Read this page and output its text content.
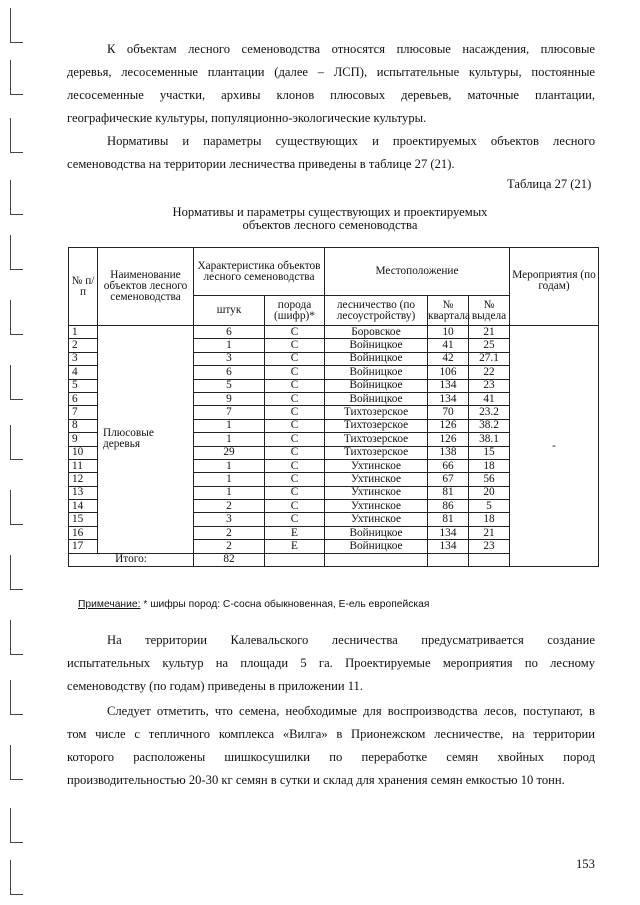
К объектам лесного семеноводства относятся плюсовые насаждения, плюсовые
деревья, лесосеменные плантации (далее – ЛСП), испытательные культуры, постоянные
лесосеменные участки, архивы клонов плюсовых деревьев, маточные плантации,
географические культуры, популяционно-экологические культуры.
Нормативы и параметры существующих и проектируемых объектов лесного
семеноводства на территории лесничества приведены в таблице 27 (21).
Таблица 27 (21)
Нормативы и параметры существующих и проектируемых
объектов лесного семеноводства
№ п/п	Наименование объектов лесного семеноводства	Характеристика объектов лесного семеноводства		Местоположение			Мероприятия (по годам)
		штук	порода (шифр)*	лесничество (по лесоустройству)	№ квартала	№ выдела	
1	Плюсовые деревья	6	С	Боровское	10	21	-
2		1	С	Войницкое	41	25	
3		3	С	Войницкое	42	27.1	
4		6	С	Войницкое	106	22	
5		5	С	Войницкое	134	23	
6		9	С	Войницкое	134	41	
7		7	С	Тихтозерское	70	23.2	
8		1	С	Тихтозерское	126	38.2	
9		1	С	Тихтозерское	126	38.1	
10		29	С	Тихтозерское	138	15	
11		1	С	Ухтинское	66	18	
12		1	С	Ухтинское	67	56	
13		1	С	Ухтинское	81	20	
14		2	С	Ухтинское	86	5	
15		3	С	Ухтинское	81	18	
16		2	Е	Войницкое	134	21	
17		2	Е	Войницкое	134	23	
Итого:		82					
Примечание: * шифры пород: С-сосна обыкновенная, Е-ель европейская
На территории Калевальского лесничества предусматривается создание
испытательных культур на площади 5 га. Проектируемые мероприятия по лесному
семеноводству (по годам) приведены в приложении 11.
Следует отметить, что семена, необходимые для воспроизводства лесов, поступают, в
том числе с тепличного комплекса «Вилга» в Прионежском лесничестве, на территории
которого расположены шишкосушилки по переработке семян хвойных пород
производительностью 20-30 кг семян в сутки и склад для хранения семян емкостью 10 тонн.
153
